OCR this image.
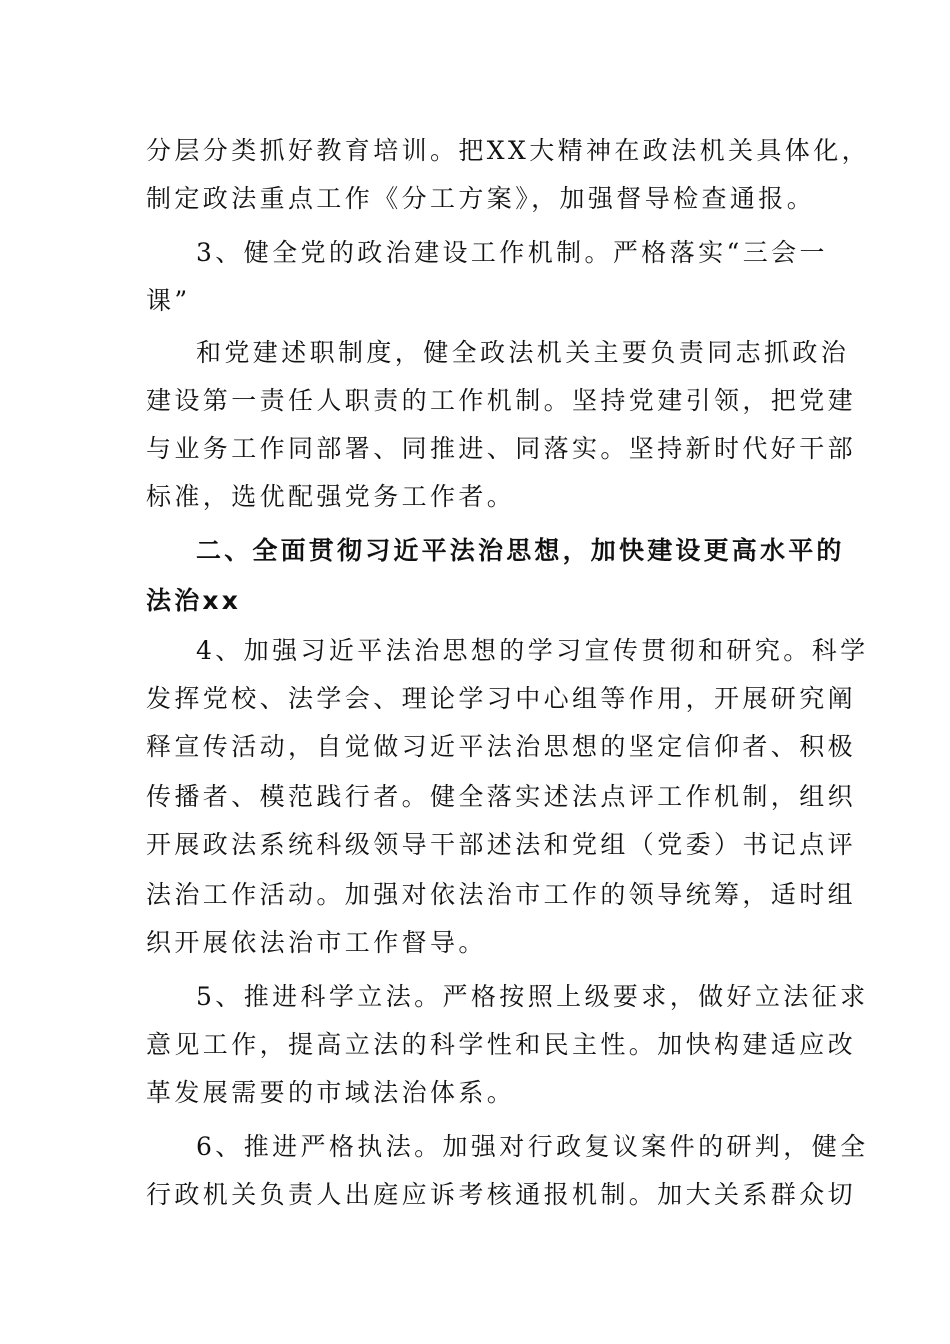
分层分类抓好教育培训。把XX大精神在政法机关具体化，
制定政法重点工作《分工方案》，加强督导检查通报。
3、健全党的政治建设工作机制。严格落实“三会一
课”
和党建述职制度，健全政法机关主要负责同志抓政治
建设第一责任人职责的工作机制。坚持党建引领，把党建
与业务工作同部署、同推进、同落实。坚持新时代好干部
标准，选优配强党务工作者。
二、全面贯彻习近平法治思想，加快建设更高水平的
法治xx
4、加强习近平法治思想的学习宣传贯彻和研究。科学
发挥党校、法学会、理论学习中心组等作用，开展研究阐
释宣传活动，自觉做习近平法治思想的坚定信仰者、积极
传播者、模范践行者。健全落实述法点评工作机制，组织
开展政法系统科级领导干部述法和党组（党委）书记点评
法治工作活动。加强对依法治市工作的领导统筹，适时组
织开展依法治市工作督导。
5、推进科学立法。严格按照上级要求，做好立法征求
意见工作，提高立法的科学性和民主性。加快构建适应改
革发展需要的市域法治体系。
6、推进严格执法。加强对行政复议案件的研判，健全
行政机关负责人出庭应诉考核通报机制。加大关系群众切
